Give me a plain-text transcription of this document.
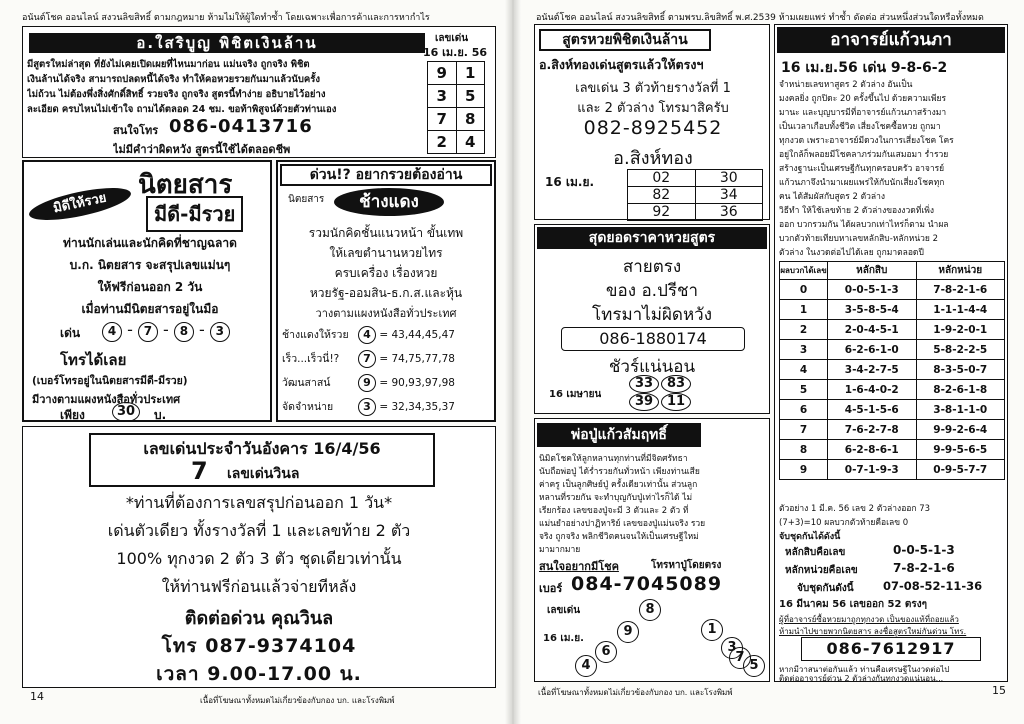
อนันต์โชค ออนไลน์ สงวนลิขสิทธิ์ ตามกฎหมาย ห้ามไม่ให้ผู้ใดทำซ้ำ โดยเฉพาะเพื่อการค้าและการหากำไร
อ.ใสริบูญ พิชิตเงินล้าน	เลขเด่น
16 เม.ย. 56
มีสูตรใหม่ล่าสุด ที่ยังไม่เคยเปิดเผยที่ไหนมาก่อน แม่นจริง ถูกจริง พิชิต
เงินล้านได้จริง สามารถปลดหนี้ได้จริง ทำให้คอหวยรวยกันมาแล้วนับครั้ง
ไม่ถ้วน ไม่ต้องพึ่งสิ่งศักดิ์สิทธิ์ รวยจริง ถูกจริง สูตรนี้ทำง่าย อธิบายไว้อย่าง
ละเอียด ครบไหนไม่เข้าใจ ถามได้ตลอด 24 ชม. ขอท้าพิสูจน์ด้วยตัวท่านเอง
สนใจโทร 086-0413716
ไม่มีคำว่าผิดหวัง สูตรนี้ใช้ได้ตลอดชีพ
9	1
3	5
7	8
2	4
มิดีให้รวย
นิตยสาร
มีดี-มีรวย
ท่านนักเล่นและนักคิดที่ชาญฉลาด
บ.ก. นิตยสาร จะสรุปเลขแม่นๆ
ให้ฟรีก่อนออก 2 วัน
เมื่อท่านมีนิตยสารอยู่ในมือ
เด่น	4 - 7 - 8 - 3
โทรได้เลย
(เบอร์โทรอยู่ในนิตยสารมีดี-มีรวย)
มีวางตามแผงหนังสือทั่วประเทศ
เพียง	30	บ.
ด่วน!? อยากรวยต้องอ่าน
นิตยสาร	ช้างแดง
รวมนักคิดชั้นแนวหน้า ขั้นเทพ
ให้เลขตำนานหวยไทร
ครบเครื่อง เรื่องหวย
หวยรัฐ-ออมสิน-ธ.ก.ส.และหุ้น
วางตามแผงหนังสือทั่วประเทศ
ช้างแดงให้รวย 4 = 43,44,45,47
เร็ว...เร็วนี่!? 7 = 74,75,77,78
วัฒนสาสน์	9 = 90,93,97,98
จัดจำหน่าย	3 = 32,34,35,37
เลขเด่นประจำวันอังคาร 16/4/56
7 เลขเด่นวินล
*ท่านที่ต้องการเลขสรุปก่อนออก 1 วัน*
เด่นตัวเดียว ทั้งรางวัลที่ 1 และเลขท้าย 2 ตัว
100% ทุกงวด 2 ตัว 3 ตัว ชุดเดียวเท่านั้น
ให้ท่านฟรีก่อนแล้วจ่ายทีหลัง
ติดต่อด่วน คุณวินล
โทร 087-9374104
เวลา 9.00-17.00 น.
14	เนื้อที่โฆษณาทั้งหมดไม่เกี่ยวข้องกับกอง บก. และโรงพิมพ์
อนันต์โชค ออนไลน์ สงวนลิขสิทธิ์ ตามพรบ.ลิขสิทธิ์ พ.ศ.2539 ห้ามเผยแพร่ ทำซ้ำ ดัดต่อ ส่วนหนึ่งส่วนใดหรือทั้งหมด
สูตรหวยพิชิตเงินล้าน
อ.สิงห์ทองเด่นสูตรแล้วให้ตรงฯ
เลขเด่น 3 ตัวท้ายรางวัลที่ 1
และ 2 ตัวล่าง โทรมาสิครับ
082-8925452
อ.สิงห์ทอง
16 เม.ย.	02	30
82	34
92	36
สุดยอดราคาหวยสูตร
สายตรง
ของ อ.ปรีชา
โทรมาไม่ผิดหวัง
086-1880174
ชัวร์แน่นอน
16 เมษายน
33	83
39	11
พ่อปู่แก้วสัมฤทธิ์
นิมิตโชคให้ลูกหลานทุกท่านที่มีจิตศรัทธา
นับถือพ่อปู่ ได้ร่ำรวยกันทั่วหน้า เพียงท่านเสีย
ค่าครู เป็นลูกศิษย์ปู่ ครั้งเดียวเท่านั้น ส่วนลูก
หลานที่รวยกัน จะทำบุญกับปู่เท่าไรก็ได้ ไม่
เรียกร้อง เลขของปู่จะมี 3 ตัวและ 2 ตัว ที่
แม่นยำอย่างปาฏิหาริย์ เลขของปู่แม่นจริง รวย
จริง ถูกจริง พลิกชีวิตคนจนให้เป็นเศรษฐีใหม่
มามากมาย
สนใจอยากมีโชค	โทรหาปู่โดยตรง
เบอร์ 084-7045089
เลขเด่น
16 เม.ย.
8
1
9
3
6	7
4	5
อาจารย์แก้วนภา
16 เม.ย.56 เด่น 9-8-6-2
จำหน่ายเลขหาสูตร 2 ตัวล่าง อันเป็น
มงคลยิ่ง ถูกปิดะ 20 ครั้งขึ้นไป ด้วยความเพียร
มานะ และบุญบารมีที่อาจารย์แก้วนภาสร้างมา
เป็นเวลาเกือบทั้งชีวิต เสี่ยงโชคซื้อหวย ถูกมา
ทุกงวด เพราะอาจารย์มีดวงในการเสี่ยงโชค โคร
อยู่ใกล้ก็พลอยมีโชคลาภร่วมกันเสมอมา ร่ำรวย
สร้างฐานะเป็นเศรษฐีกันทุกครอบครัว อาจารย์
แก้วนภาจึงนำมาเผยแพร่ให้กับนักเสี่ยงโชคทุก
คน ได้สัมผัสกับสูตร 2 ตัวล่าง
วิธีทำ ให้ใช้เลขท้าย 2 ตัวล่างของงวดที่เพิ่ง
ออก บวกรวมกัน ได้ผลบวกเท่าไหร่ก็ตาม นำผล
บวกตัวท้ายเทียบหาเลขหลักสิบ-หลักหน่วย 2
ตัวล่าง ในงวดต่อไปได้เลย ถูกมาตลอดปี
ผลบวกได้เลข	หลักสิบ	หลักหน่วย
0	0-0-5-1-3	7-8-2-1-6
1	3-5-8-5-4	1-1-1-4-4
2	2-0-4-5-1	1-9-2-0-1
3	6-2-6-1-0	5-8-2-2-5
4	3-4-2-7-5	8-3-5-0-7
5	1-6-4-0-2	8-2-6-1-8
6	4-5-1-5-6	3-8-1-1-0
7	7-6-2-7-8	9-9-2-6-4
8	6-2-8-6-1	9-9-5-6-5
9	0-7-1-9-3	0-9-5-7-7
ตัวอย่าง 1 มี.ค. 56 เลข 2 ตัวล่างออก 73
(7+3)=10 ผลบวกตัวท้ายคือเลข 0
จับชุดกันได้ดังนี้
หลักสิบคือเลข	0-0-5-1-3
หลักหน่วยคือเลข	7-8-2-1-6
จับชุดกันดังนี้	07-08-52-11-36
16 มีนาคม 56 เลขออก 52 ตรงๆ
ผู้ที่อาจารย์ซื้อหวยมาถูกทุกงวด เป็นของแท้ที่ถอยแล้ว
ห้ามนำไปขายพวกนิตยสาร ลงชื่อสูตรใหม่กันด่วน โทร.
086-7612917
หากมีวาสนาต่อกันแล้ว ท่านคือเศรษฐีในงวดต่อไป
ติดต่ออาจารย์ด่วน 2 ตัวล่างกันทุกงวดแน่นอน...
15
เนื้อที่โฆษณาทั้งหมดไม่เกี่ยวข้องกับกอง บก. และโรงพิมพ์
